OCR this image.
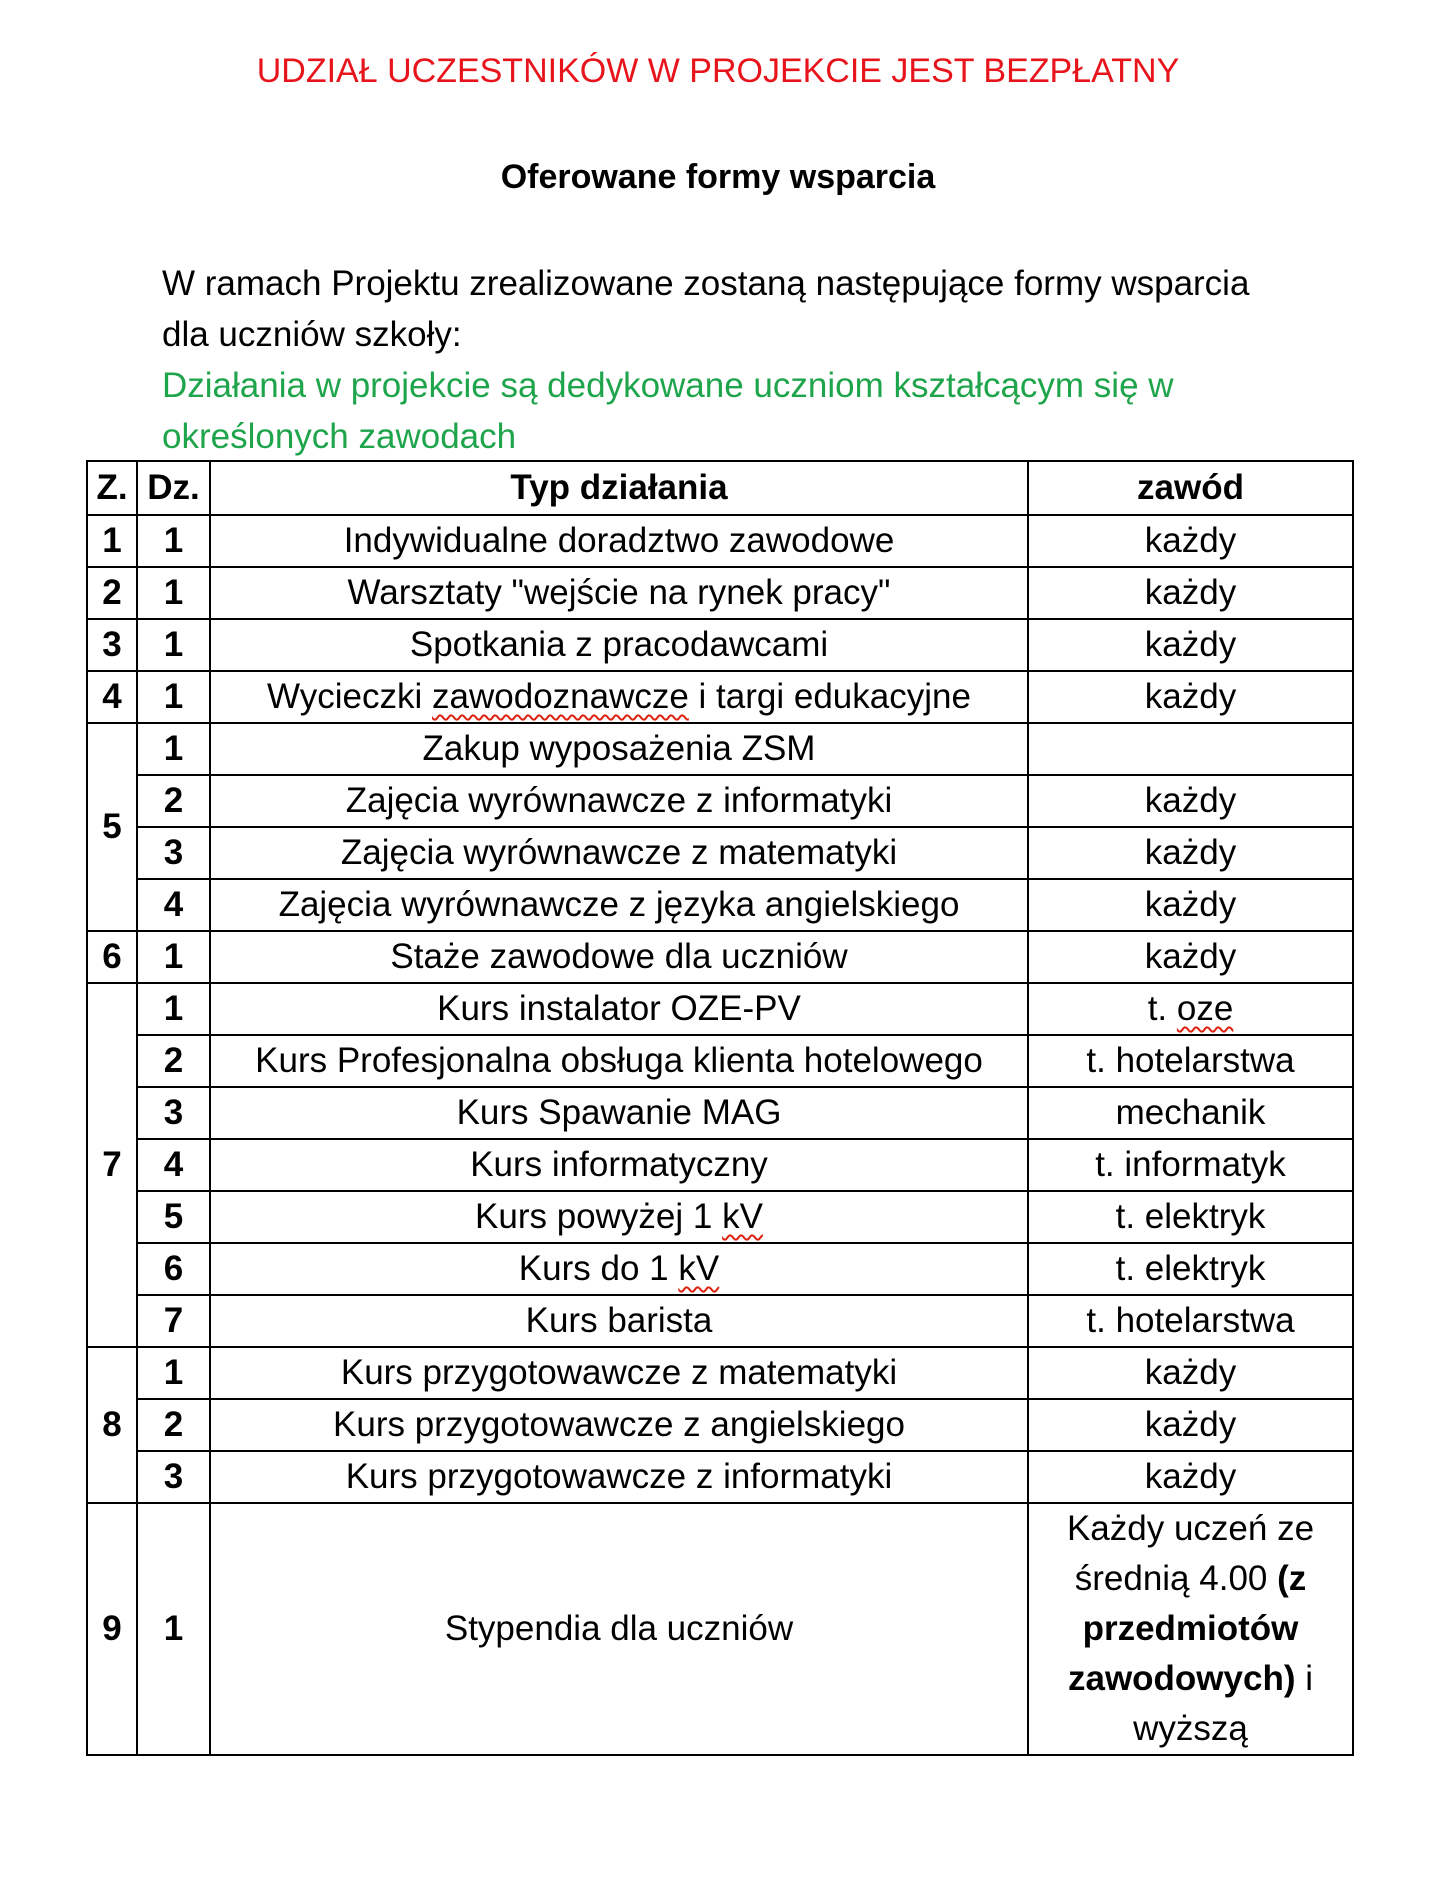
UDZIAŁ UCZESTNIKÓW W PROJEKCIE JEST BEZPŁATNY
Oferowane formy wsparcia
W ramach Projektu zrealizowane zostaną następujące formy wsparcia
dla uczniów szkoły:
Działania w projekcie są dedykowane uczniom kształcącym się w
określonych zawodach
Z.	Dz.	Typ działania	zawód
1	1	Indywidualne doradztwo zawodowe	każdy
2	1	Warsztaty "wejście na rynek pracy"	każdy
3	1	Spotkania z pracodawcami	każdy
4	1	Wycieczki zawodoznawcze i targi edukacyjne	każdy
5	1	Zakup wyposażenia ZSM	
	2	Zajęcia wyrównawcze z informatyki	każdy
	3	Zajęcia wyrównawcze z matematyki	każdy
	4	Zajęcia wyrównawcze z języka angielskiego	każdy
6	1	Staże zawodowe dla uczniów	każdy
7	1	Kurs instalator OZE-PV	t. oze
	2	Kurs Profesjonalna obsługa klienta hotelowego	t. hotelarstwa
	3	Kurs Spawanie MAG	mechanik
	4	Kurs informatyczny	t. informatyk
	5	Kurs powyżej 1 kV	t. elektryk
	6	Kurs do 1 kV	t. elektryk
	7	Kurs barista	t. hotelarstwa
8	1	Kurs przygotowawcze z matematyki	każdy
	2	Kurs przygotowawcze z angielskiego	każdy
	3	Kurs przygotowawcze z informatyki	każdy
9	1	Stypendia dla uczniów	Każdy uczeń ze
średnią 4.00 (z
przedmiotów
zawodowych) i
wyższą
